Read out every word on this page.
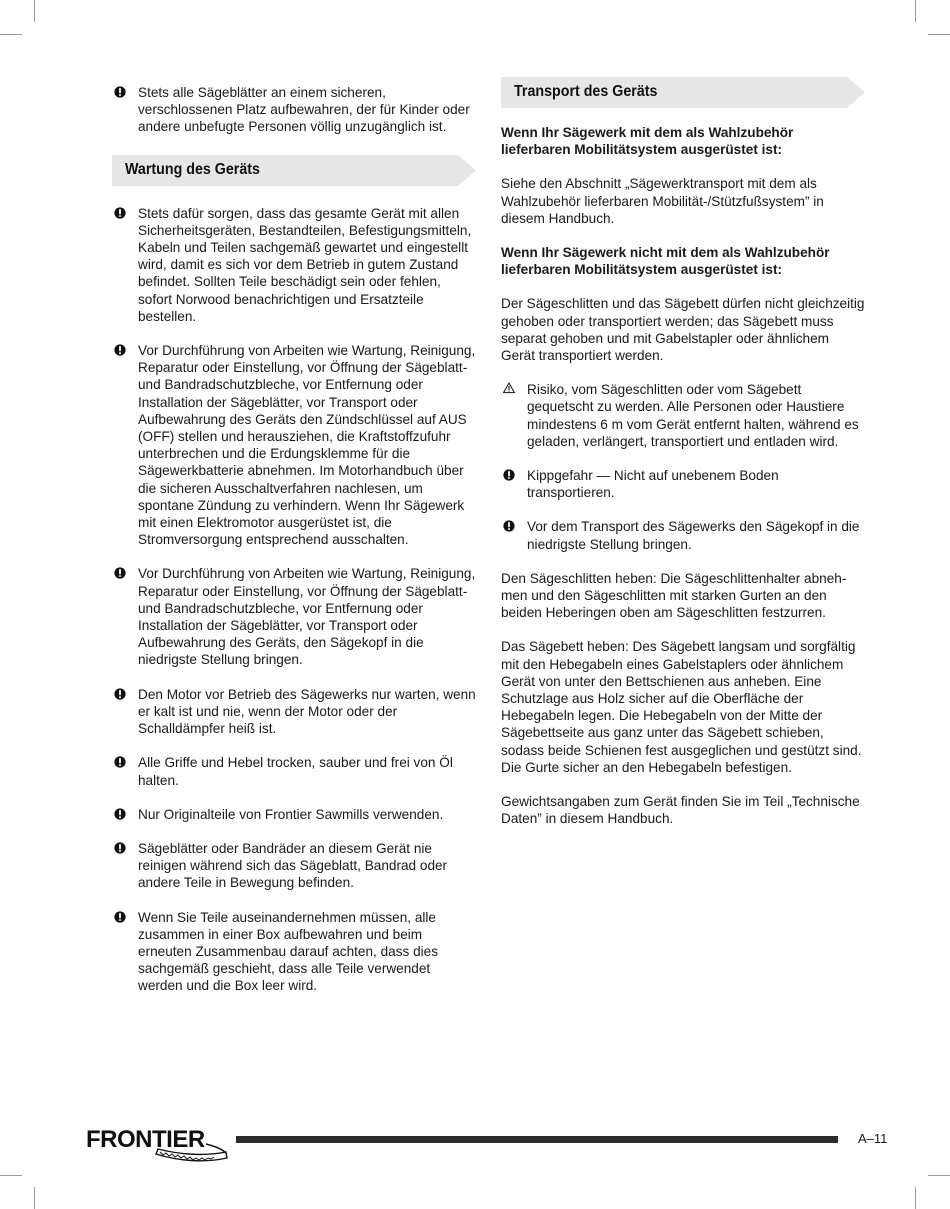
Stets alle Sägeblätter an einem sicheren, verschlossenen Platz aufbewahren, der für Kinder oder andere unbefugte Personen völlig unzugänglich ist.
Wartung des Geräts
Stets dafür sorgen, dass das gesamte Gerät mit allen Sicherheitsgeräten, Bestandteilen, Befestigungsmitteln, Kabeln und Teilen sachgemäß gewartet und eingestellt wird, damit es sich vor dem Betrieb in gutem Zustand befindet. Sollten Teile beschädigt sein oder fehlen, sofort Norwood benachrichtigen und Ersatzteile bestellen.
Vor Durchführung von Arbeiten wie Wartung, Reinigung, Reparatur oder Einstellung, vor Öffnung der Sägeblatt- und Bandradschutzbleche, vor Entfernung oder Installation der Sägeblätter, vor Transport oder Aufbewahrung des Geräts den Zündschlüssel auf AUS (OFF) stellen und herausziehen, die Kraftstoffzufuhr unterbrechen und die Erdungsklemme für die Sägewerkbatterie abnehmen. Im Motorhandbuch über die sicheren Ausschaltverfahren nachlesen, um spontane Zündung zu verhindern. Wenn Ihr Sägewerk mit einen Elektromotor ausgerüstet ist, die Stromversorgung entsprechend ausschalten.
Vor Durchführung von Arbeiten wie Wartung, Reinigung, Reparatur oder Einstellung, vor Öffnung der Sägeblatt- und Bandradschutzbleche, vor Entfernung oder Installation der Sägeblätter, vor Transport oder Aufbewahrung des Geräts, den Sägekopf in die niedrigste Stellung bringen.
Den Motor vor Betrieb des Sägewerks nur warten, wenn er kalt ist und nie, wenn der Motor oder der Schalldämpfer heiß ist.
Alle Griffe und Hebel trocken, sauber und frei von Öl halten.
Nur Originalteile von Frontier Sawmills verwenden.
Sägeblätter oder Bandräder an diesem Gerät nie reinigen während sich das Sägeblatt, Bandrad oder andere Teile in Bewegung befinden.
Wenn Sie Teile auseinandernehmen müssen, alle zusammen in einer Box aufbewahren und beim erneuten Zusammenbau darauf achten, dass dies sachgemäß geschieht, dass alle Teile verwendet werden und die Box leer wird.
Transport des Geräts

Wenn Ihr Sägewerk mit dem als Wahlzubehör lieferbaren Mobilitätsystem ausgerüstet ist:

Siehe den Abschnitt „Sägewerktransport mit dem als Wahlzubehör lieferbaren Mobilität-/Stützfußsystem” in diesem Handbuch.

Wenn Ihr Sägewerk nicht mit dem als Wahlzubehör lieferbaren Mobilitätsystem ausgerüstet ist:

Der Sägeschlitten und das Sägebett dürfen nicht gleichzeitig gehoben oder transportiert werden; das Sägebett muss separat gehoben und mit Gabelstapler oder ähnlichem Gerät transportiert werden.

Risiko, vom Sägeschlitten oder vom Sägebett gequetscht zu werden. Alle Personen oder Haustiere mindestens 6 m vom Gerät entfernt halten, während es geladen, verlängert, transportiert und entladen wird.
Kippgefahr — Nicht auf unebenem Boden transportieren.
Vor dem Transport des Sägewerks den Sägekopf in die niedrigste Stellung bringen.

Den Sägeschlitten heben: Die Sägeschlittenhalter abneh-men und den Sägeschlitten mit starken Gurten an den beiden Heberingen oben am Sägeschlitten festzurren.

Das Sägebett heben: Des Sägebett langsam und sorgfältig mit den Hebegabeln eines Gabelstaplers oder ähnlichem Gerät von unter den Bettschienen aus anheben. Eine Schutzlage aus Holz sicher auf die Oberfläche der Hebegabeln legen. Die Hebegabeln von der Mitte der Sägebettseite aus ganz unter das Sägebett schieben, sodass beide Schienen fest ausgeglichen und gestützt sind. Die Gurte sicher an den Hebegabeln befestigen.

Gewichtsangaben zum Gerät finden Sie im Teil „Technische Daten” in diesem Handbuch.

FRONTIER	A–11
